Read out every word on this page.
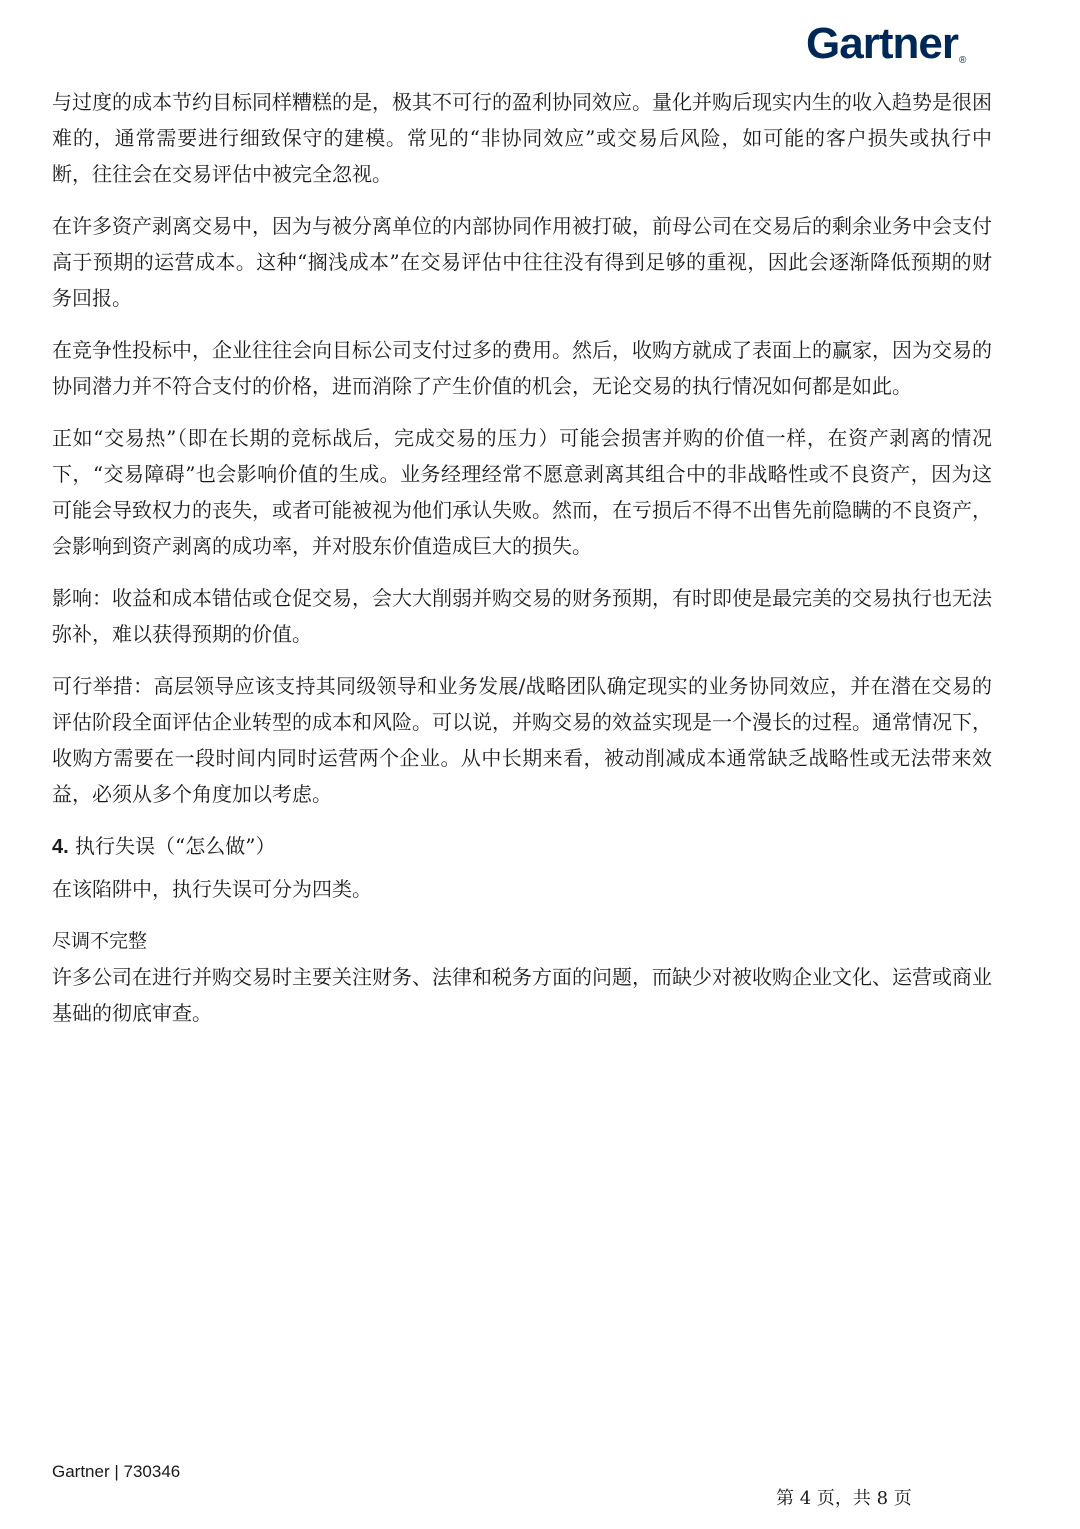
Gartner®

与过度的成本节约目标同样糟糕的是，极其不可行的盈利协同效应。量化并购后现实内生的收入趋势是很困难的，通常需要进行细致保守的建模。常见的“非协同效应”或交易后风险，如可能的客户损失或执行中断，往往会在交易评估中被完全忽视。

在许多资产剥离交易中，因为与被分离单位的内部协同作用被打破，前母公司在交易后的剩余业务中会支付高于预期的运营成本。这种“搁浅成本”在交易评估中往往没有得到足够的重视，因此会逐渐降低预期的财务回报。

在竞争性投标中，企业往往会向目标公司支付过多的费用。然后，收购方就成了表面上的赢家，因为交易的协同潜力并不符合支付的价格，进而消除了产生价值的机会，无论交易的执行情况如何都是如此。

正如“交易热”（即在长期的竞标战后，完成交易的压力）可能会损害并购的价值一样，在资产剥离的情况下，“交易障碍”也会影响价值的生成。业务经理经常不愿意剥离其组合中的非战略性或不良资产，因为这可能会导致权力的丧失，或者可能被视为他们承认失败。然而，在亏损后不得不出售先前隐瞒的不良资产，会影响到资产剥离的成功率，并对股东价值造成巨大的损失。

影响：收益和成本错估或仓促交易，会大大削弱并购交易的财务预期，有时即使是最完美的交易执行也无法弥补，难以获得预期的价值。

可行举措：高层领导应该支持其同级领导和业务发展/战略团队确定现实的业务协同效应，并在潜在交易的评估阶段全面评估企业转型的成本和风险。可以说，并购交易的效益实现是一个漫长的过程。通常情况下，收购方需要在一段时间内同时运营两个企业。从中长期来看，被动削减成本通常缺乏战略性或无法带来效益，必须从多个角度加以考虑。

4. 执行失误（“怎么做”）

在该陷阱中，执行失误可分为四类。

尽调不完整

许多公司在进行并购交易时主要关注财务、法律和税务方面的问题，而缺少对被收购企业文化、运营或商业基础的彻底审查。

Gartner | 730346
第 4 页，共 8 页
